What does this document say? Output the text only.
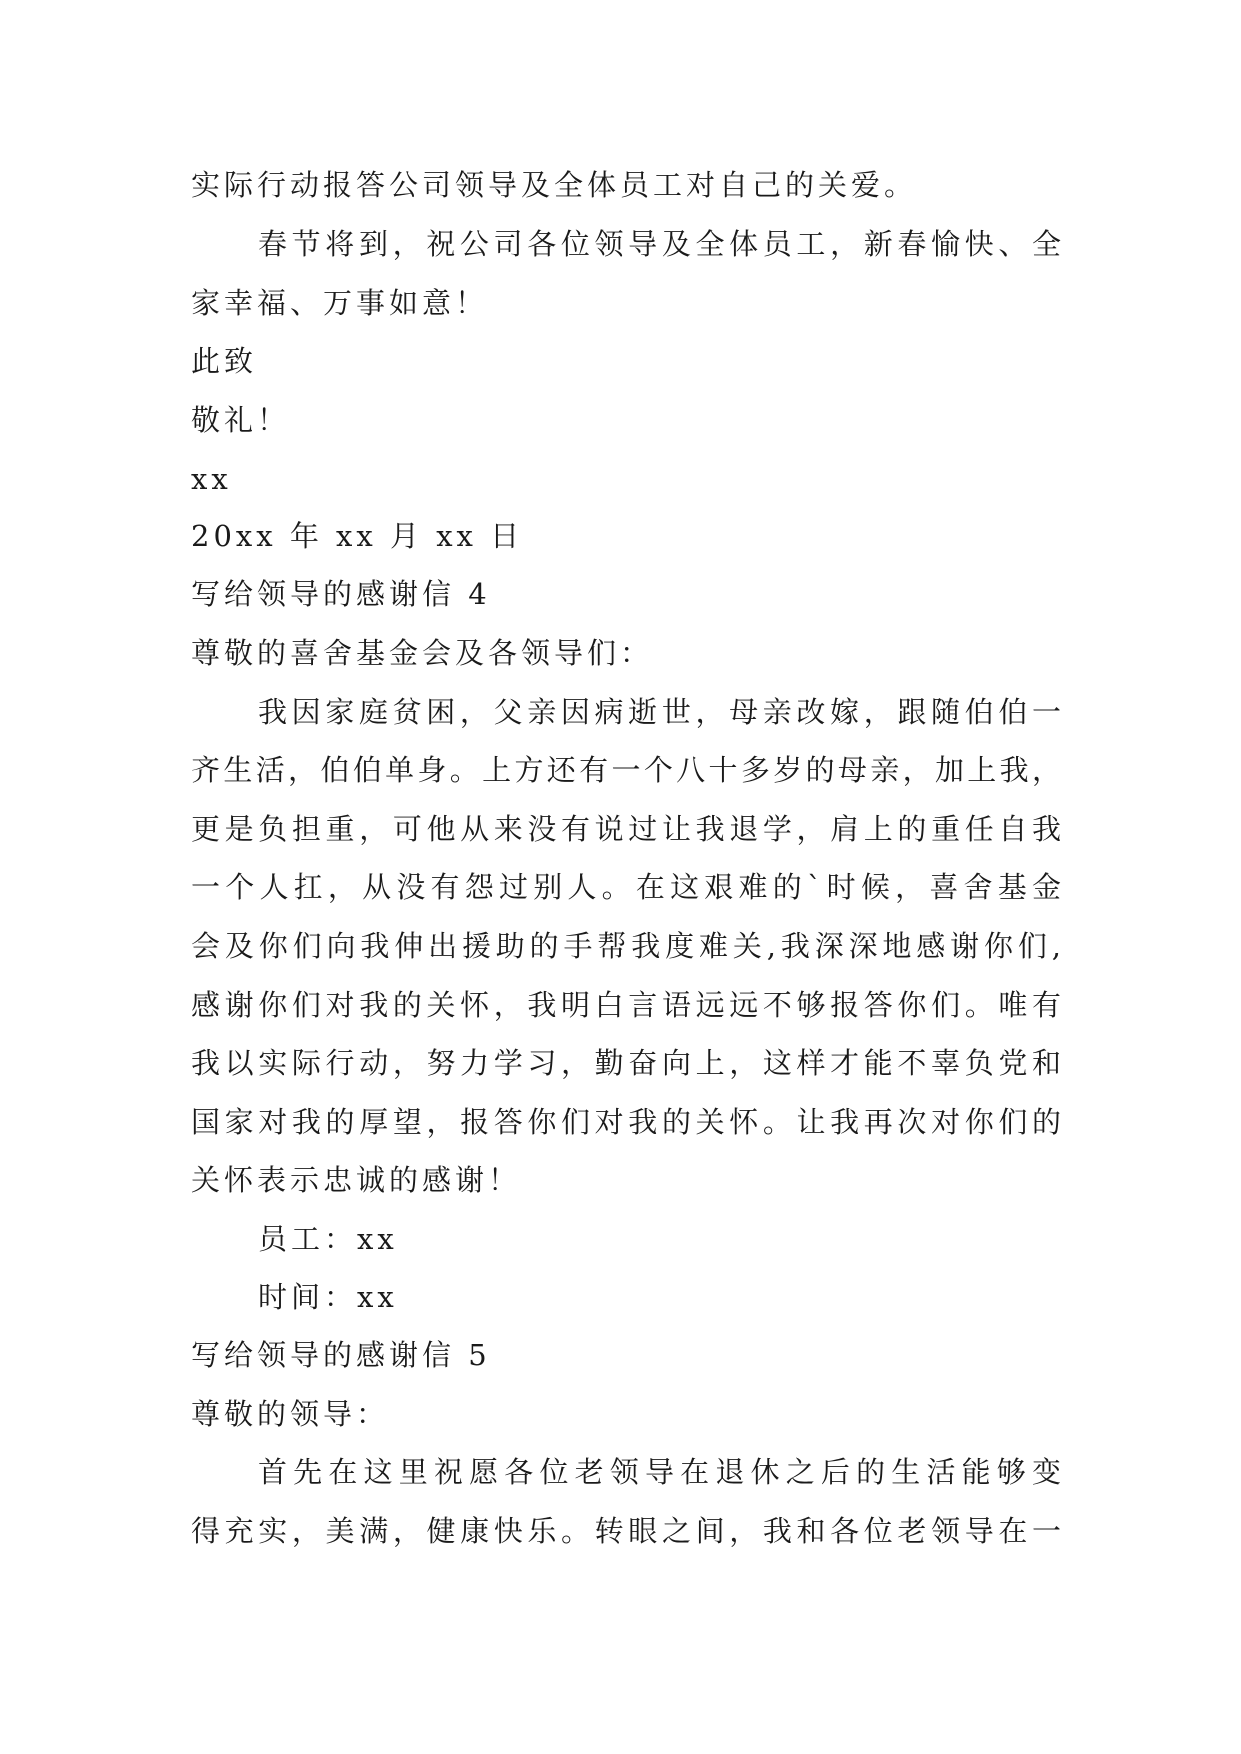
实际行动报答公司领导及全体员工对自己的关爱。
春节将到，祝公司各位领导及全体员工，新春愉快、全
家幸福、万事如意！
此致
敬礼！
xx
20xx 年 xx 月 xx 日
写给领导的感谢信 4
尊敬的喜舍基金会及各领导们：
我因家庭贫困，父亲因病逝世，母亲改嫁，跟随伯伯一
齐生活，伯伯单身。上方还有一个八十多岁的母亲，加上我，
更是负担重，可他从来没有说过让我退学，肩上的重任自我
一个人扛，从没有怨过别人。在这艰难的`时候，喜舍基金
会及你们向我伸出援助的手帮我度难关,我深深地感谢你们,
感谢你们对我的关怀，我明白言语远远不够报答你们。唯有
我以实际行动，努力学习，勤奋向上，这样才能不辜负党和
国家对我的厚望，报答你们对我的关怀。让我再次对你们的
关怀表示忠诚的感谢！
员工：xx
时间：xx
写给领导的感谢信 5
尊敬的领导：
首先在这里祝愿各位老领导在退休之后的生活能够变
得充实，美满，健康快乐。转眼之间，我和各位老领导在一
